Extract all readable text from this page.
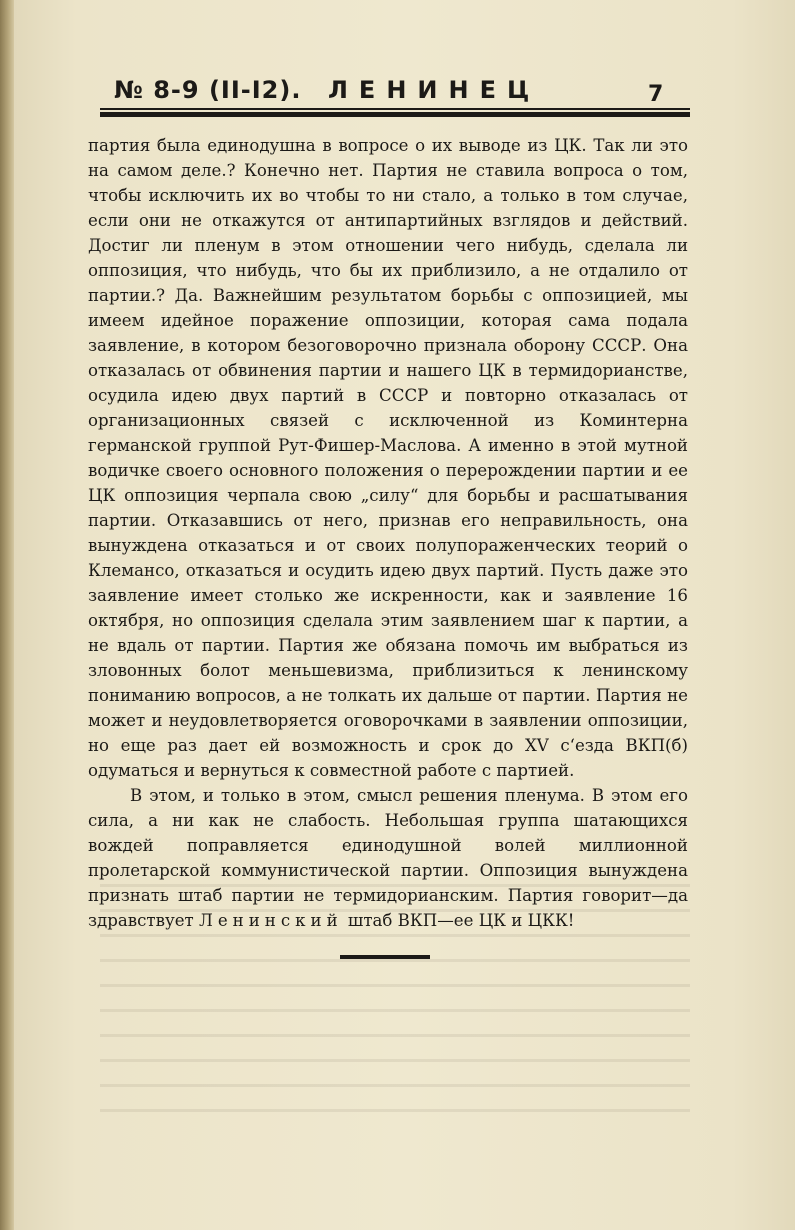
№ 8-9 (II-I2). ЛЕНИНЕЦ	7

партия была единодушна в вопросе о их выводе из ЦК. Так ли это на самом деле.? Конечно нет. Партия не ставила вопроса о том, чтобы исключить их во чтобы то ни стало, а только в том случае, если они не откажутся от антипартийных взглядов и действий. Достиг ли пленум в этом отношении чего нибудь, сделала ли оппозиция, что нибудь, что бы их приблизило, а не отдалило от партии.? Да. Важнейшим результатом борьбы с оппозицией, мы имеем идейное поражение оппозиции, которая сама подала заявление, в котором безоговорочно признала оборону СССР. Она отказалась от обвинения партии и нашего ЦК в термидорианстве, осудила идею двух партий в СССР и повторно отказалась от организационных связей с исключенной из Коминтерна германской группой Рут-Фишер-Маслова. А именно в этой мутной водичке своего основного положения о перерождении партии и ее ЦК оппозиция черпала свою „силу“ для борьбы и расшатывания партии. Отказавшись от него, признав его неправильность, она вынуждена отказаться и от своих полупораженческих теорий о Клемансо, отказаться и осудить идею двух партий. Пусть даже это заявление имеет столько же искренности, как и заявление 16 октября, но оппозиция сделала этим заявлением шаг к партии, а не вдаль от партии. Партия же обязана помочь им выбраться из зловонных болот меньшевизма, приблизиться к ленинскому пониманию вопросов, а не толкать их дальше от партии. Партия не может и неудовлетворяется оговорочками в заявлении оппозиции, но еще раз дает ей возможность и срок до XV с‘езда ВКП(б) одуматься и вернуться к совместной работе с партией.

В этом, и только в этом, смысл решения пленума. В этом его сила, а ни как не слабость. Небольшая группа шатающихся вождей поправляется единодушной волей миллионной пролетарской коммунистической партии. Оппозиция вынуждена признать штаб партии не термидорианским. Партия говорит—да здравствует Ленинский штаб ВКП—ее ЦК и ЦКК!
